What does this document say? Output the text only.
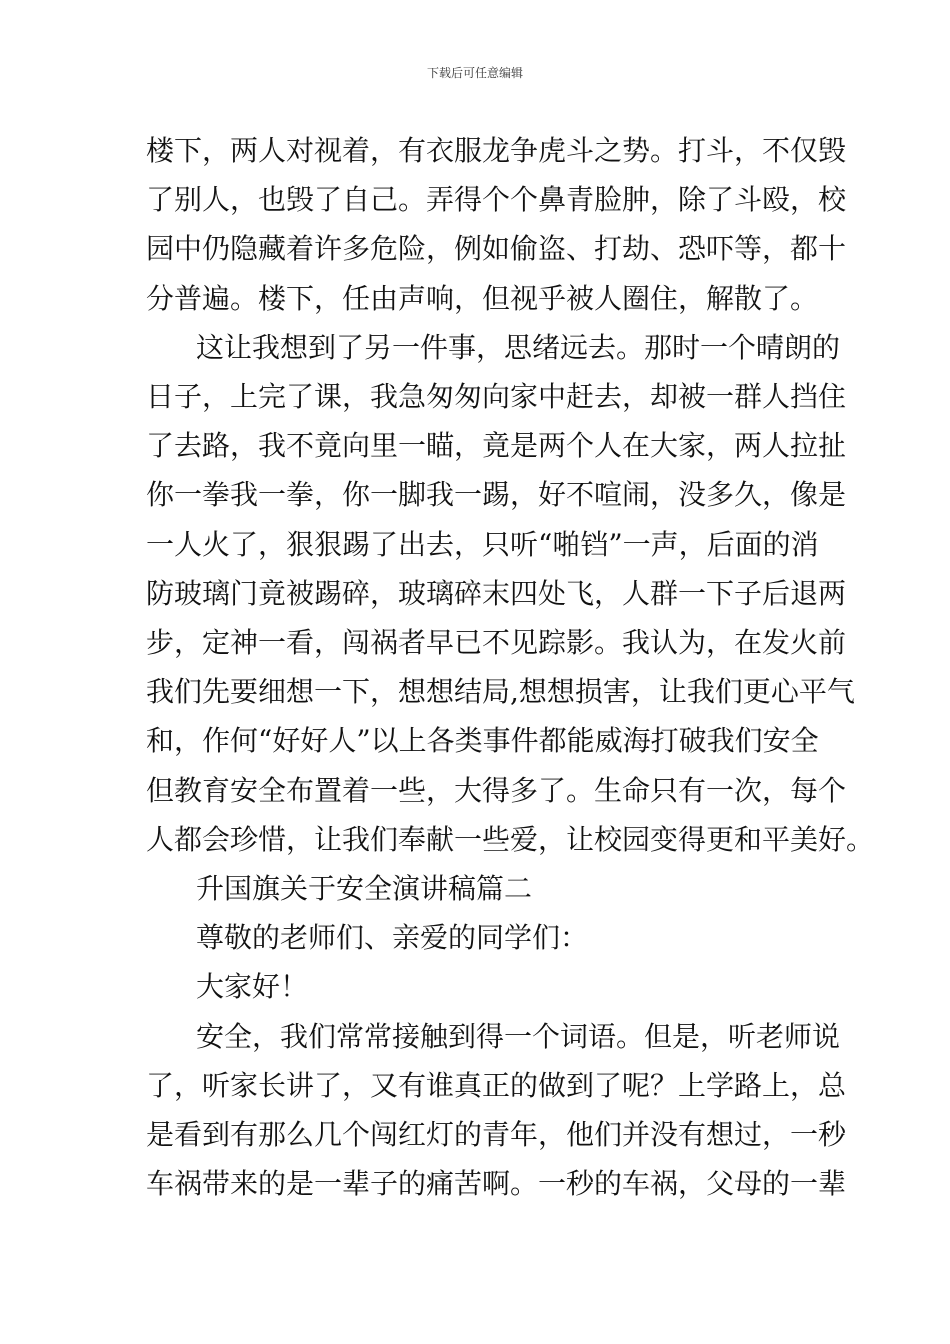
下载后可任意编辑
楼下，两人对视着，有衣服龙争虎斗之势。打斗，不仅毁
了别人，也毁了自己。弄得个个鼻青脸肿，除了斗殴，校
园中仍隐藏着许多危险，例如偷盗、打劫、恐吓等，都十
分普遍。楼下，任由声响，但视乎被人圈住，解散了。
这让我想到了另一件事，思绪远去。那时一个晴朗的
日子，上完了课，我急匆匆向家中赶去，却被一群人挡住
了去路，我不竟向里一瞄，竟是两个人在大家，两人拉扯
你一拳我一拳，你一脚我一踢，好不喧闹，没多久，像是
一人火了，狠狠踢了出去，只听“啪铛”一声，后面的消
防玻璃门竟被踢碎，玻璃碎末四处飞，人群一下子后退两
步，定神一看，闯祸者早已不见踪影。我认为，在发火前
我们先要细想一下，想想结局,想想损害，让我们更心平气
和，作何“好好人”以上各类事件都能威海打破我们安全
但教育安全布置着一些，大得多了。生命只有一次，每个
人都会珍惜，让我们奉献一些爱，让校园变得更和平美好。
升国旗关于安全演讲稿篇二
尊敬的老师们、亲爱的同学们：
大家好！
安全，我们常常接触到得一个词语。但是，听老师说
了，听家长讲了，又有谁真正的做到了呢？上学路上，总
是看到有那么几个闯红灯的青年，他们并没有想过，一秒
车祸带来的是一辈子的痛苦啊。一秒的车祸，父母的一辈
